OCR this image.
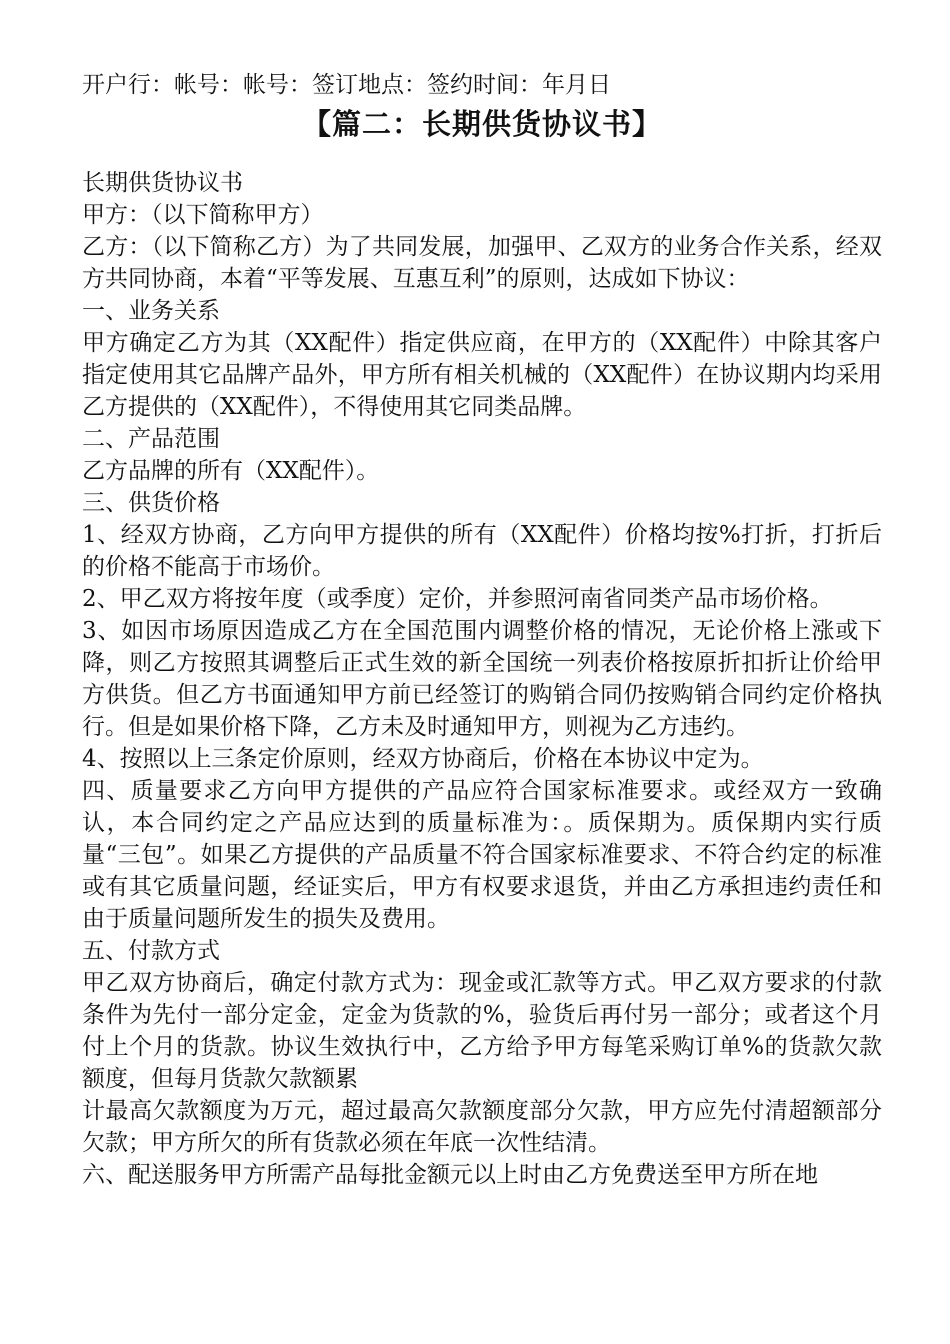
开户行：帐号：帐号：签订地点：签约时间：年月日

【篇二：长期供货协议书】

长期供货协议书

甲方：（以下简称甲方）

乙方：（以下简称乙方）为了共同发展，加强甲、乙双方的业务合作关系，经双方共同协商，本着“平等发展、互惠互利”的原则，达成如下协议：

一、业务关系

甲方确定乙方为其（XX配件）指定供应商，在甲方的（XX配件）中除其客户指定使用其它品牌产品外，甲方所有相关机械的（XX配件）在协议期内均采用乙方提供的（XX配件），不得使用其它同类品牌。

二、产品范围

乙方品牌的所有（XX配件）。

三、供货价格

1、经双方协商，乙方向甲方提供的所有（XX配件）价格均按%打折，打折后的价格不能高于市场价。

2、甲乙双方将按年度（或季度）定价，并参照河南省同类产品市场价格。

3、如因市场原因造成乙方在全国范围内调整价格的情况，无论价格上涨或下降，则乙方按照其调整后正式生效的新全国统一列表价格按原折扣折让价给甲方供货。但乙方书面通知甲方前已经签订的购销合同仍按购销合同约定价格执行。但是如果价格下降，乙方未及时通知甲方，则视为乙方违约。

4、按照以上三条定价原则，经双方协商后，价格在本协议中定为。

四、质量要求乙方向甲方提供的产品应符合国家标准要求。或经双方一致确认，本合同约定之产品应达到的质量标准为：。质保期为。质保期内实行质量“三包”。如果乙方提供的产品质量不符合国家标准要求、不符合约定的标准或有其它质量问题，经证实后，甲方有权要求退货，并由乙方承担违约责任和由于质量问题所发生的损失及费用。

五、付款方式

甲乙双方协商后，确定付款方式为：现金或汇款等方式。甲乙双方要求的付款条件为先付一部分定金，定金为货款的%，验货后再付另一部分；或者这个月付上个月的货款。协议生效执行中，乙方给予甲方每笔采购订单%的货款欠款额度，但每月货款欠款额累

计最高欠款额度为万元，超过最高欠款额度部分欠款，甲方应先付清超额部分欠款；甲方所欠的所有货款必须在年底一次性结清。

六、配送服务甲方所需产品每批金额元以上时由乙方免费送至甲方所在地
